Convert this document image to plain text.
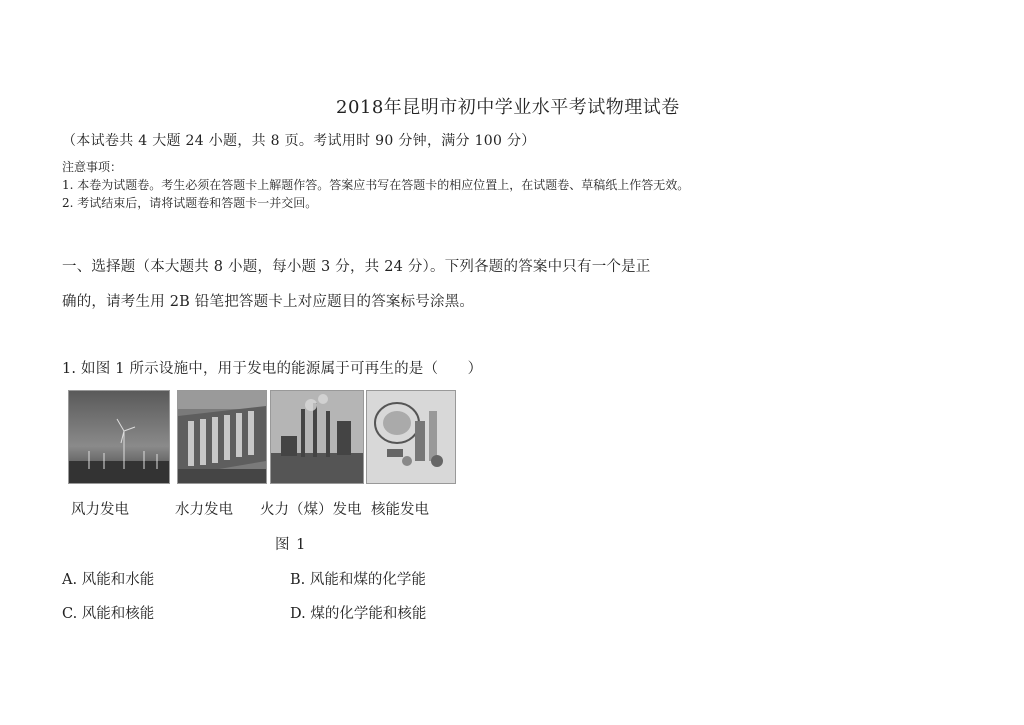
2018年昆明市初中学业水平考试物理试卷
（本试卷共 4 大题 24 小题，共 8 页。考试用时 90 分钟，满分 100 分）
注意事项：
1. 本卷为试题卷。考生必须在答题卡上解题作答。答案应书写在答题卡的相应位置上，在试题卷、草稿纸上作答无效。
2. 考试结束后，请将试题卷和答题卡一并交回。
一、选择题（本大题共 8 小题，每小题 3 分，共 24 分）。下列各题的答案中只有一个是正
确的，请考生用 2B 铅笔把答题卡上对应题目的答案标号涂黑。
1. 如图 1 所示设施中，用于发电的能源属于可再生的是（　　）
风力发电	水力发电 火力（煤）发电 核能发电
图 1
A. 风能和水能	B. 风能和煤的化学能
C. 风能和核能	D. 煤的化学能和核能
